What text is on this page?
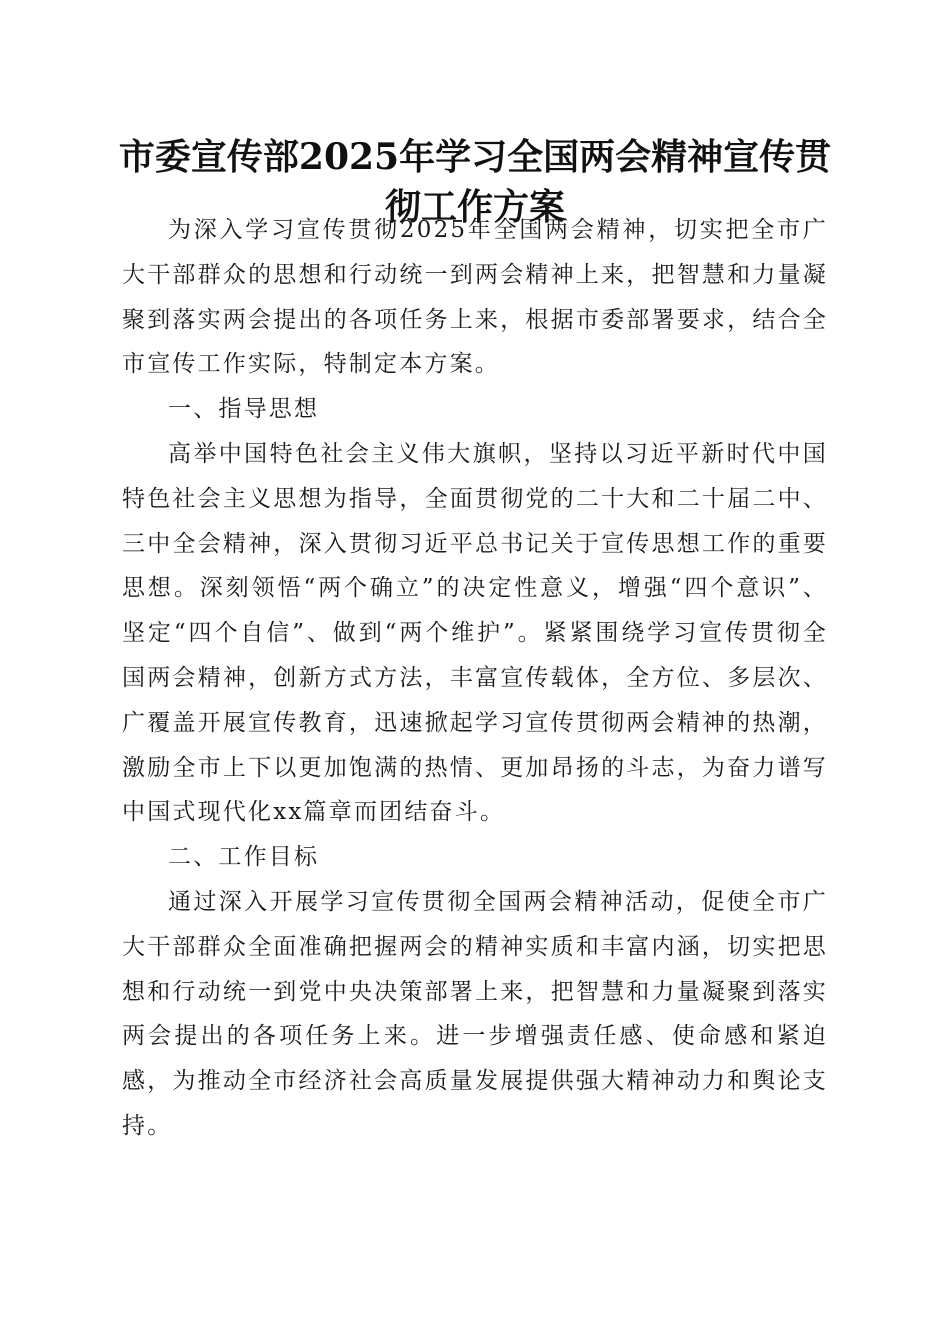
市委宣传部2025年学习全国两会精神宣传贯彻工作方案

为深入学习宣传贯彻2025年全国两会精神，切实把全市广大干部群众的思想和行动统一到两会精神上来，把智慧和力量凝聚到落实两会提出的各项任务上来，根据市委部署要求，结合全市宣传工作实际，特制定本方案。

一、指导思想

高举中国特色社会主义伟大旗帜，坚持以习近平新时代中国特色社会主义思想为指导，全面贯彻党的二十大和二十届二中、三中全会精神，深入贯彻习近平总书记关于宣传思想工作的重要思想。深刻领悟“两个确立”的决定性意义，增强“四个意识”、坚定“四个自信”、做到“两个维护”。紧紧围绕学习宣传贯彻全国两会精神，创新方式方法，丰富宣传载体，全方位、多层次、广覆盖开展宣传教育，迅速掀起学习宣传贯彻两会精神的热潮，激励全市上下以更加饱满的热情、更加昂扬的斗志，为奋力谱写中国式现代化xx篇章而团结奋斗。

二、工作目标

通过深入开展学习宣传贯彻全国两会精神活动，促使全市广大干部群众全面准确把握两会的精神实质和丰富内涵，切实把思想和行动统一到党中央决策部署上来，把智慧和力量凝聚到落实两会提出的各项任务上来。进一步增强责任感、使命感和紧迫感，为推动全市经济社会高质量发展提供强大精神动力和舆论支持。
